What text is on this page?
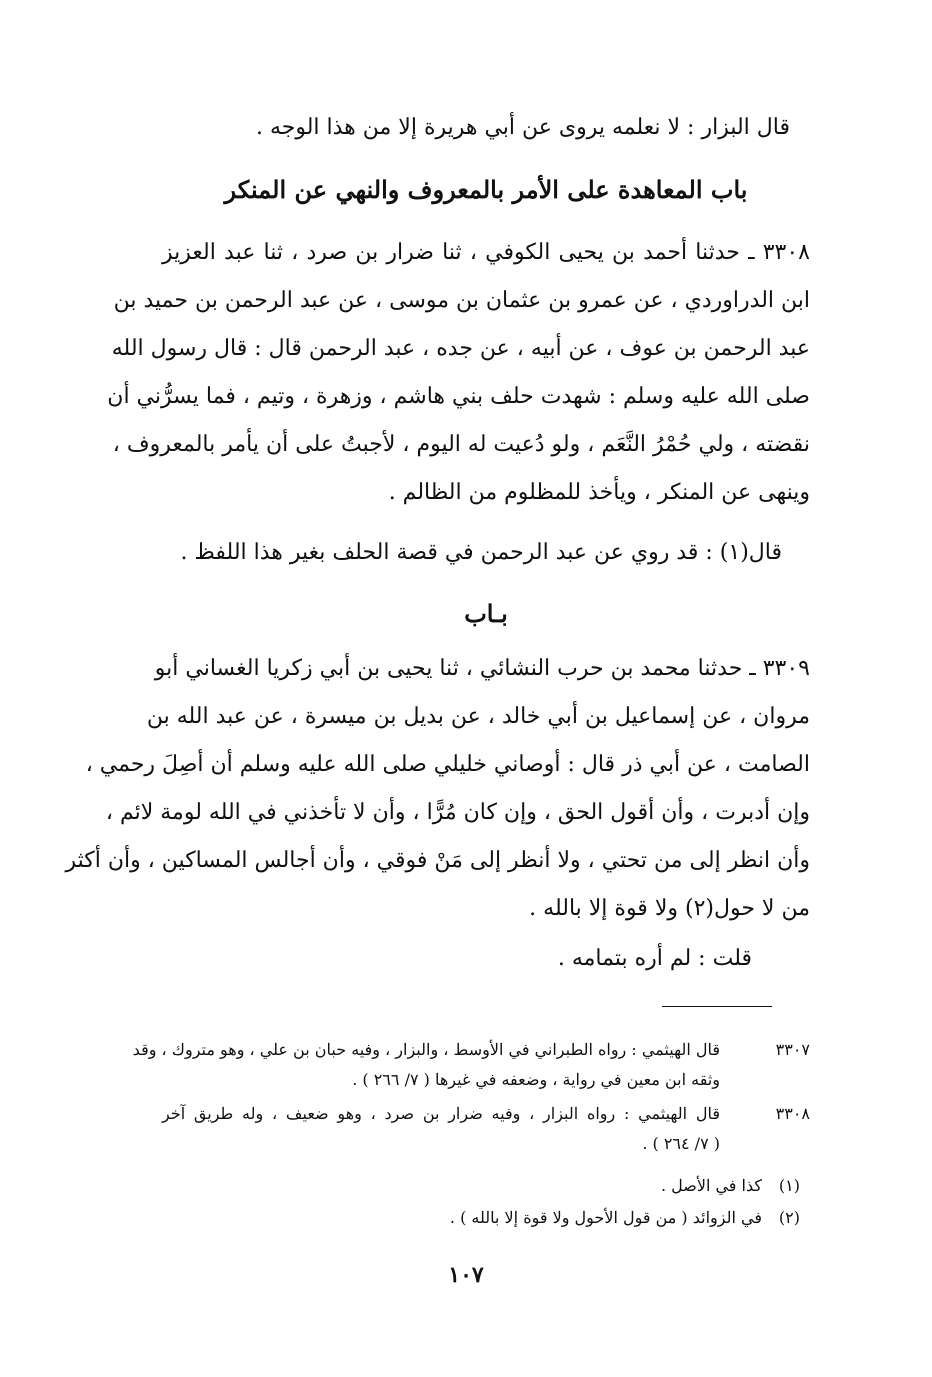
قال البزار : لا نعلمه يروى عن أبي هريرة إلا من هذا الوجه .
باب المعاهدة على الأمر بالمعروف والنهي عن المنكر
٣٣٠٨ ـ حدثنا أحمد بن يحيى الكوفي ، ثنا ضرار بن صرد ، ثنا عبد العزيز
ابن الدراوردي ، عن عمرو بن عثمان بن موسى ، عن عبد الرحمن بن حميد بن
عبد الرحمن بن عوف ، عن أبيه ، عن جده ، عبد الرحمن قال : قال رسول الله
صلى الله عليه وسلم : شهدت حلف بني هاشم ، وزهرة ، وتيم ، فما يسرُّني أن
نقضته ، ولي حُمْرُ النَّعَم ، ولو دُعيت له اليوم ، لأجبتُ على أن يأمر بالمعروف ،
وينهى عن المنكر ، ويأخذ للمظلوم من الظالم .
قال(١) : قد روي عن عبد الرحمن في قصة الحلف بغير هذا اللفظ .
بـاب
٣٣٠٩ ـ حدثنا محمد بن حرب النشائي ، ثنا يحيى بن أبي زكريا الغساني أبو
مروان ، عن إسماعيل بن أبي خالد ، عن بديل بن ميسرة ، عن عبد الله بن
الصامت ، عن أبي ذر قال : أوصاني خليلي صلى الله عليه وسلم أن أصِلَ رحمي ،
وإن أدبرت ، وأن أقول الحق ، وإن كان مُرًّا ، وأن لا تأخذني في الله لومة لائم ،
وأن انظر إلى من تحتي ، ولا أنظر إلى مَنْ فوقي ، وأن أجالس المساكين ، وأن أكثر
من لا حول(٢) ولا قوة إلا بالله .
قلت : لم أره بتمامه .
٣٣٠٧
قال الهيثمي : رواه الطبراني في الأوسط ، والبزار ، وفيه حبان بن علي ، وهو متروك ، وقد
وثقه ابن معين في رواية ، وضعفه في غيرها ( ٧/ ٢٦٦ ) .
٣٣٠٨
قال الهيثمي : رواه البزار ، وفيه ضرار بن صرد ، وهو ضعيف ، وله طريق آخر
( ٧/ ٢٦٤ ) .
(١)
كذا في الأصل .
(٢)
في الزوائد ( من قول الأحول ولا قوة إلا بالله ) .
١٠٧
